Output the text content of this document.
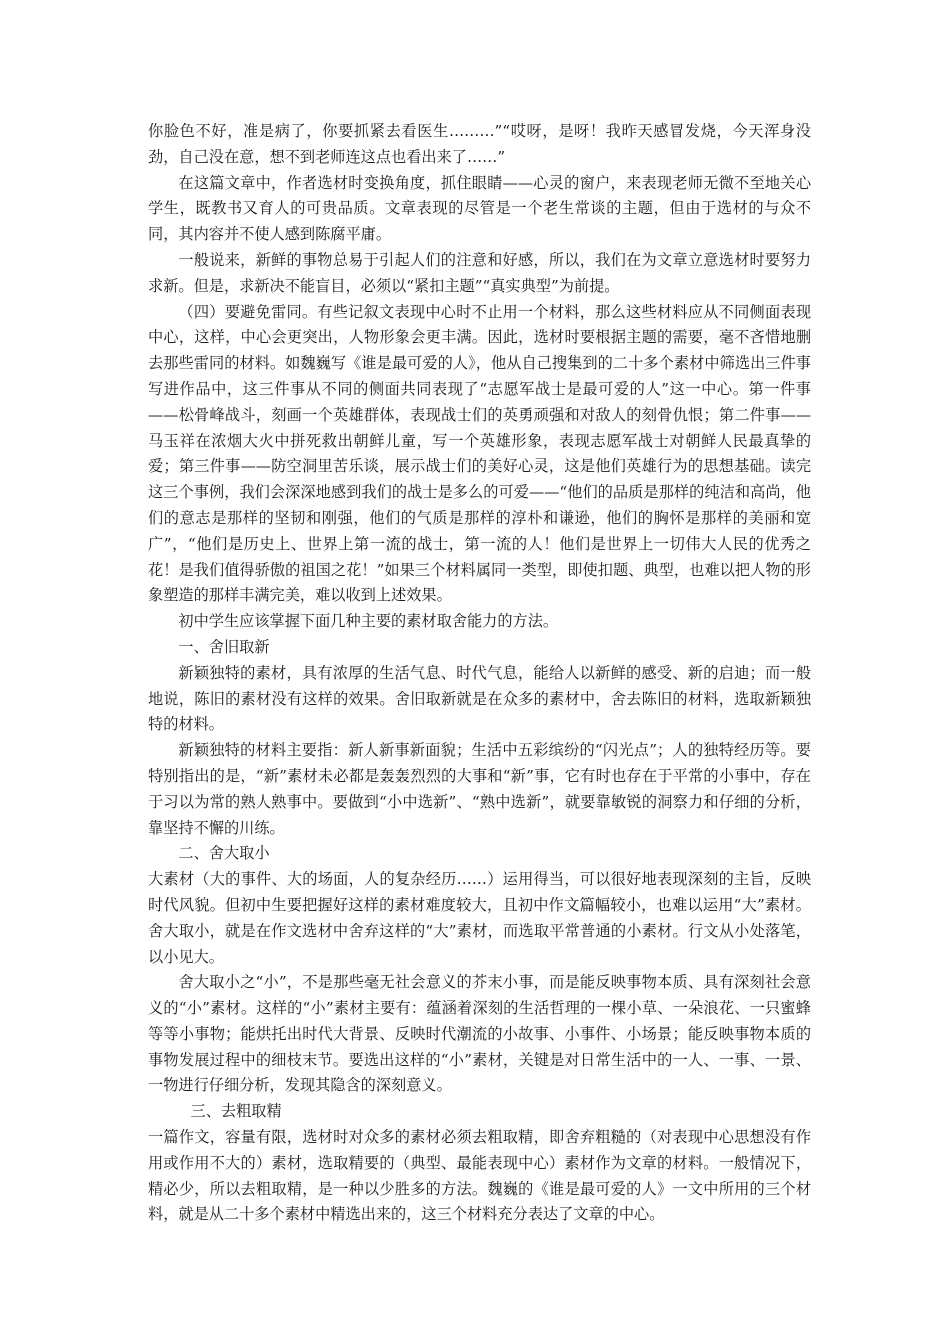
你脸色不好，准是病了，你要抓紧去看医生………”“哎呀，是呀！我昨天感冒发烧，今天浑身没劲，自己没在意，想不到老师连这点也看出来了……”

在这篇文章中，作者选材时变换角度，抓住眼睛——心灵的窗户，来表现老师无微不至地关心学生，既教书又育人的可贵品质。文章表现的尽管是一个老生常谈的主题，但由于选材的与众不同，其内容并不使人感到陈腐平庸。

一般说来，新鲜的事物总易于引起人们的注意和好感，所以，我们在为文章立意选材时要努力求新。但是，求新决不能盲目，必须以“紧扣主题”“真实典型”为前提。

（四）要避免雷同。有些记叙文表现中心时不止用一个材料，那么这些材料应从不同侧面表现中心，这样，中心会更突出，人物形象会更丰满。因此，选材时要根据主题的需要，毫不吝惜地删去那些雷同的材料。如魏巍写《谁是最可爱的人》，他从自己搜集到的二十多个素材中筛选出三件事写进作品中，这三件事从不同的侧面共同表现了“志愿军战士是最可爱的人”这一中心。第一件事——松骨峰战斗，刻画一个英雄群体，表现战士们的英勇顽强和对敌人的刻骨仇恨；第二件事——马玉祥在浓烟大火中拼死救出朝鲜儿童，写一个英雄形象，表现志愿军战士对朝鲜人民最真挚的爱；第三件事——防空洞里苦乐谈，展示战士们的美好心灵，这是他们英雄行为的思想基础。读完这三个事例，我们会深深地感到我们的战士是多么的可爱——“他们的品质是那样的纯洁和高尚，他们的意志是那样的坚韧和刚强，他们的气质是那样的淳朴和谦逊，他们的胸怀是那样的美丽和宽广”，“他们是历史上、世界上第一流的战士，第一流的人！他们是世界上一切伟大人民的优秀之花！是我们值得骄傲的祖国之花！”如果三个材料属同一类型，即使扣题、典型，也难以把人物的形象塑造的那样丰满完美，难以收到上述效果。

初中学生应该掌握下面几种主要的素材取舍能力的方法。

一、舍旧取新

新颖独特的素材，具有浓厚的生活气息、时代气息，能给人以新鲜的感受、新的启迪；而一般地说，陈旧的素材没有这样的效果。舍旧取新就是在众多的素材中，舍去陈旧的材料，选取新颖独特的材料。

新颖独特的材料主要指：新人新事新面貌；生活中五彩缤纷的“闪光点”；人的独特经历等。要特别指出的是，“新”素材未必都是轰轰烈烈的大事和“新”事，它有时也存在于平常的小事中，存在于习以为常的熟人熟事中。要做到“小中选新”、“熟中选新”，就要靠敏锐的洞察力和仔细的分析，靠坚持不懈的川练。

二、舍大取小

大素材（大的事件、大的场面，人的复杂经历……）运用得当，可以很好地表现深刻的主旨，反映时代风貌。但初中生要把握好这样的素材难度较大，且初中作文篇幅较小，也难以运用“大”素材。舍大取小，就是在作文选材中舍弃这样的“大”素材，而选取平常普通的小素材。行文从小处落笔，以小见大。

舍大取小之“小”，不是那些毫无社会意义的芥末小事，而是能反映事物本质、具有深刻社会意义的“小”素材。这样的“小”素材主要有：蕴涵着深刻的生活哲理的一棵小草、一朵浪花、一只蜜蜂等等小事物；能烘托出时代大背景、反映时代潮流的小故事、小事件、小场景；能反映事物本质的事物发展过程中的细枝末节。要选出这样的“小”素材，关键是对日常生活中的一人、一事、一景、一物进行仔细分析，发现其隐含的深刻意义。

三、去粗取精

一篇作文，容量有限，选材时对众多的素材必须去粗取精，即舍弃粗糙的（对表现中心思想没有作用或作用不大的）素材，选取精要的（典型、最能表现中心）素材作为文章的材料。一般情况下，精必少，所以去粗取精，是一种以少胜多的方法。魏巍的《谁是最可爱的人》一文中所用的三个材料，就是从二十多个素材中精选出来的，这三个材料充分表达了文章的中心。
